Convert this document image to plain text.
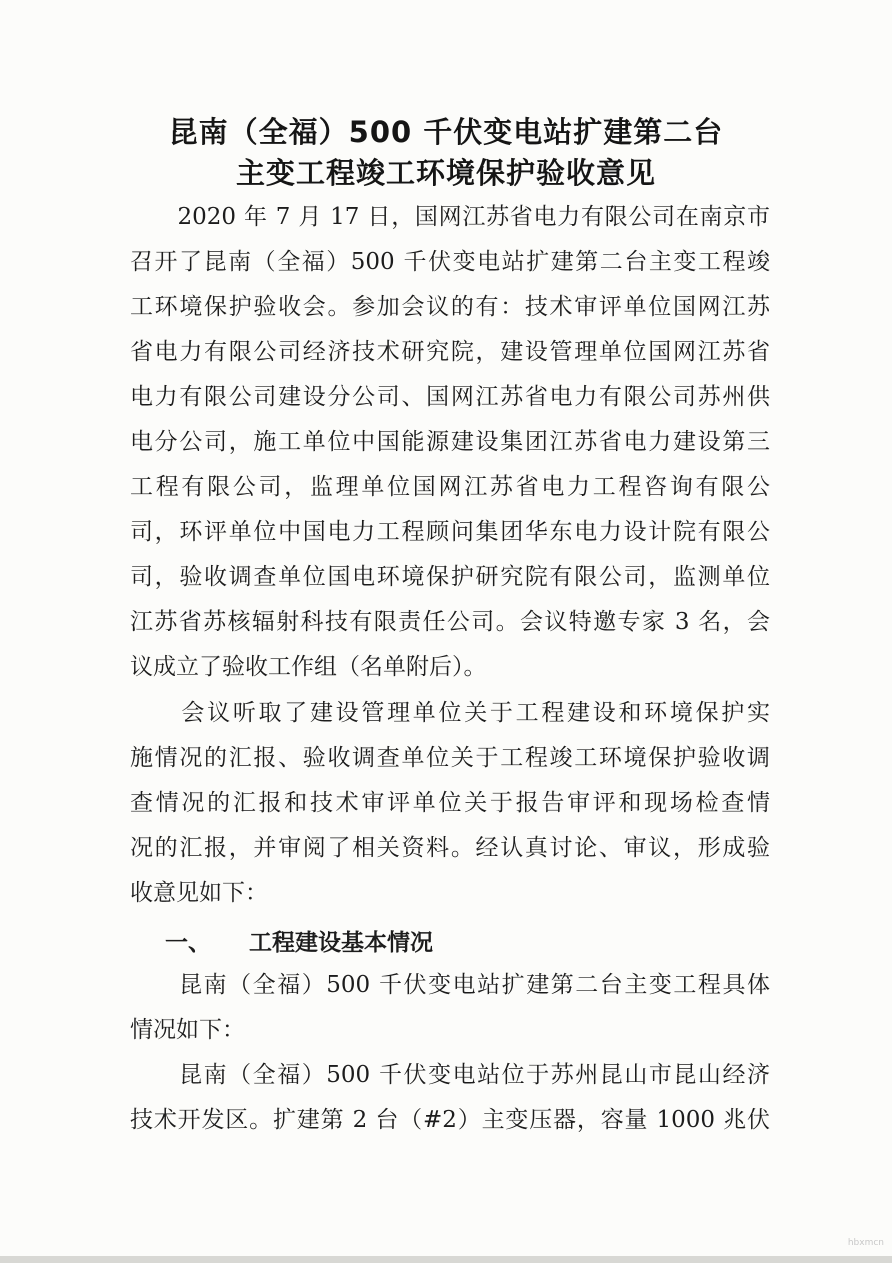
昆南（全福）500 千伏变电站扩建第二台
主变工程竣工环境保护验收意见
　　2020 年 7 月 17 日，国网江苏省电力有限公司在南京市
召开了昆南（全福）500 千伏变电站扩建第二台主变工程竣
工环境保护验收会。参加会议的有：技术审评单位国网江苏
省电力有限公司经济技术研究院，建设管理单位国网江苏省
电力有限公司建设分公司、国网江苏省电力有限公司苏州供
电分公司，施工单位中国能源建设集团江苏省电力建设第三
工程有限公司，监理单位国网江苏省电力工程咨询有限公
司，环评单位中国电力工程顾问集团华东电力设计院有限公
司，验收调查单位国电环境保护研究院有限公司，监测单位
江苏省苏核辐射科技有限责任公司。会议特邀专家 3 名，会
议成立了验收工作组（名单附后）。
　　会议听取了建设管理单位关于工程建设和环境保护实
施情况的汇报、验收调查单位关于工程竣工环境保护验收调
查情况的汇报和技术审评单位关于报告审评和现场检查情
况的汇报，并审阅了相关资料。经认真讨论、审议，形成验
收意见如下：
一、 工程建设基本情况
　　昆南（全福）500 千伏变电站扩建第二台主变工程具体
情况如下：
　　昆南（全福）500 千伏变电站位于苏州昆山市昆山经济
技术开发区。扩建第 2 台（#2）主变压器，容量 1000 兆伏
hbxmcn
